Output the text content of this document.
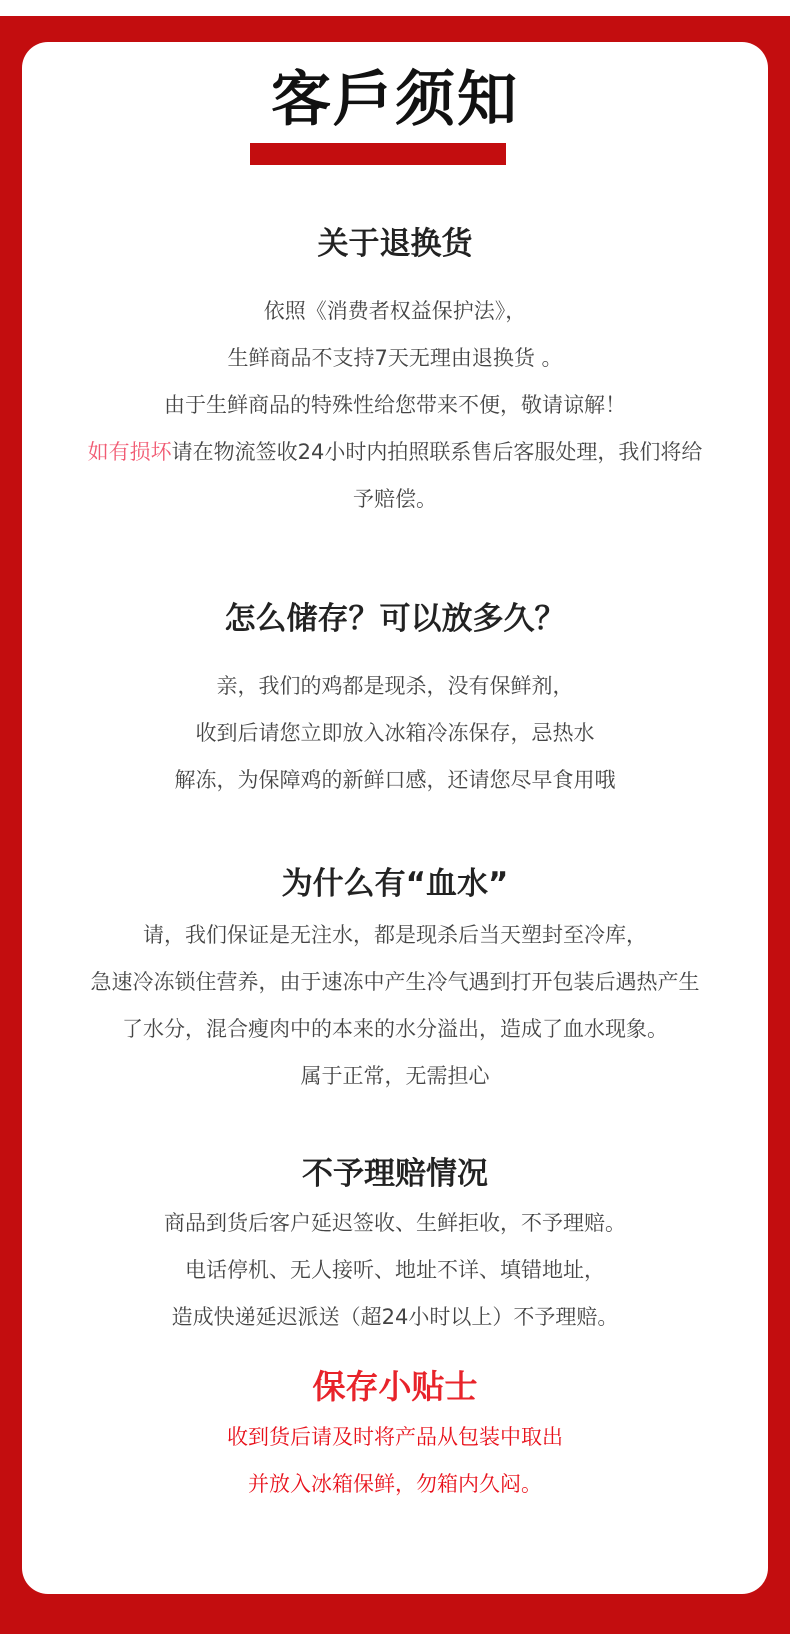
客戶须知

关于退换货

依照《消费者权益保护法》，

生鲜商品不支持7天无理由退换货 。

由于生鲜商品的特殊性给您带来不便，敬请谅解！

如有损坏请在物流签收24小时内拍照联系售后客服处理，我们将给

予赔偿。

怎么储存？可以放多久？

亲，我们的鸡都是现杀，没有保鲜剂，

收到后请您立即放入冰箱冷冻保存，忌热水

解冻，为保障鸡的新鲜口感，还请您尽早食用哦

为什么有“血水”

请，我们保证是无注水，都是现杀后当天塑封至冷库，

急速冷冻锁住营养，由于速冻中产生冷气遇到打开包装后遇热产生

了水分，混合瘦肉中的本来的水分溢出，造成了血水现象。

属于正常，无需担心

不予理赔情况

商品到货后客户延迟签收、生鲜拒收，不予理赔。

电话停机、无人接听、地址不详、填错地址，

造成快递延迟派送（超24小时以上）不予理赔。

保存小贴士

收到货后请及时将产品从包装中取出

并放入冰箱保鲜，勿箱内久闷。
